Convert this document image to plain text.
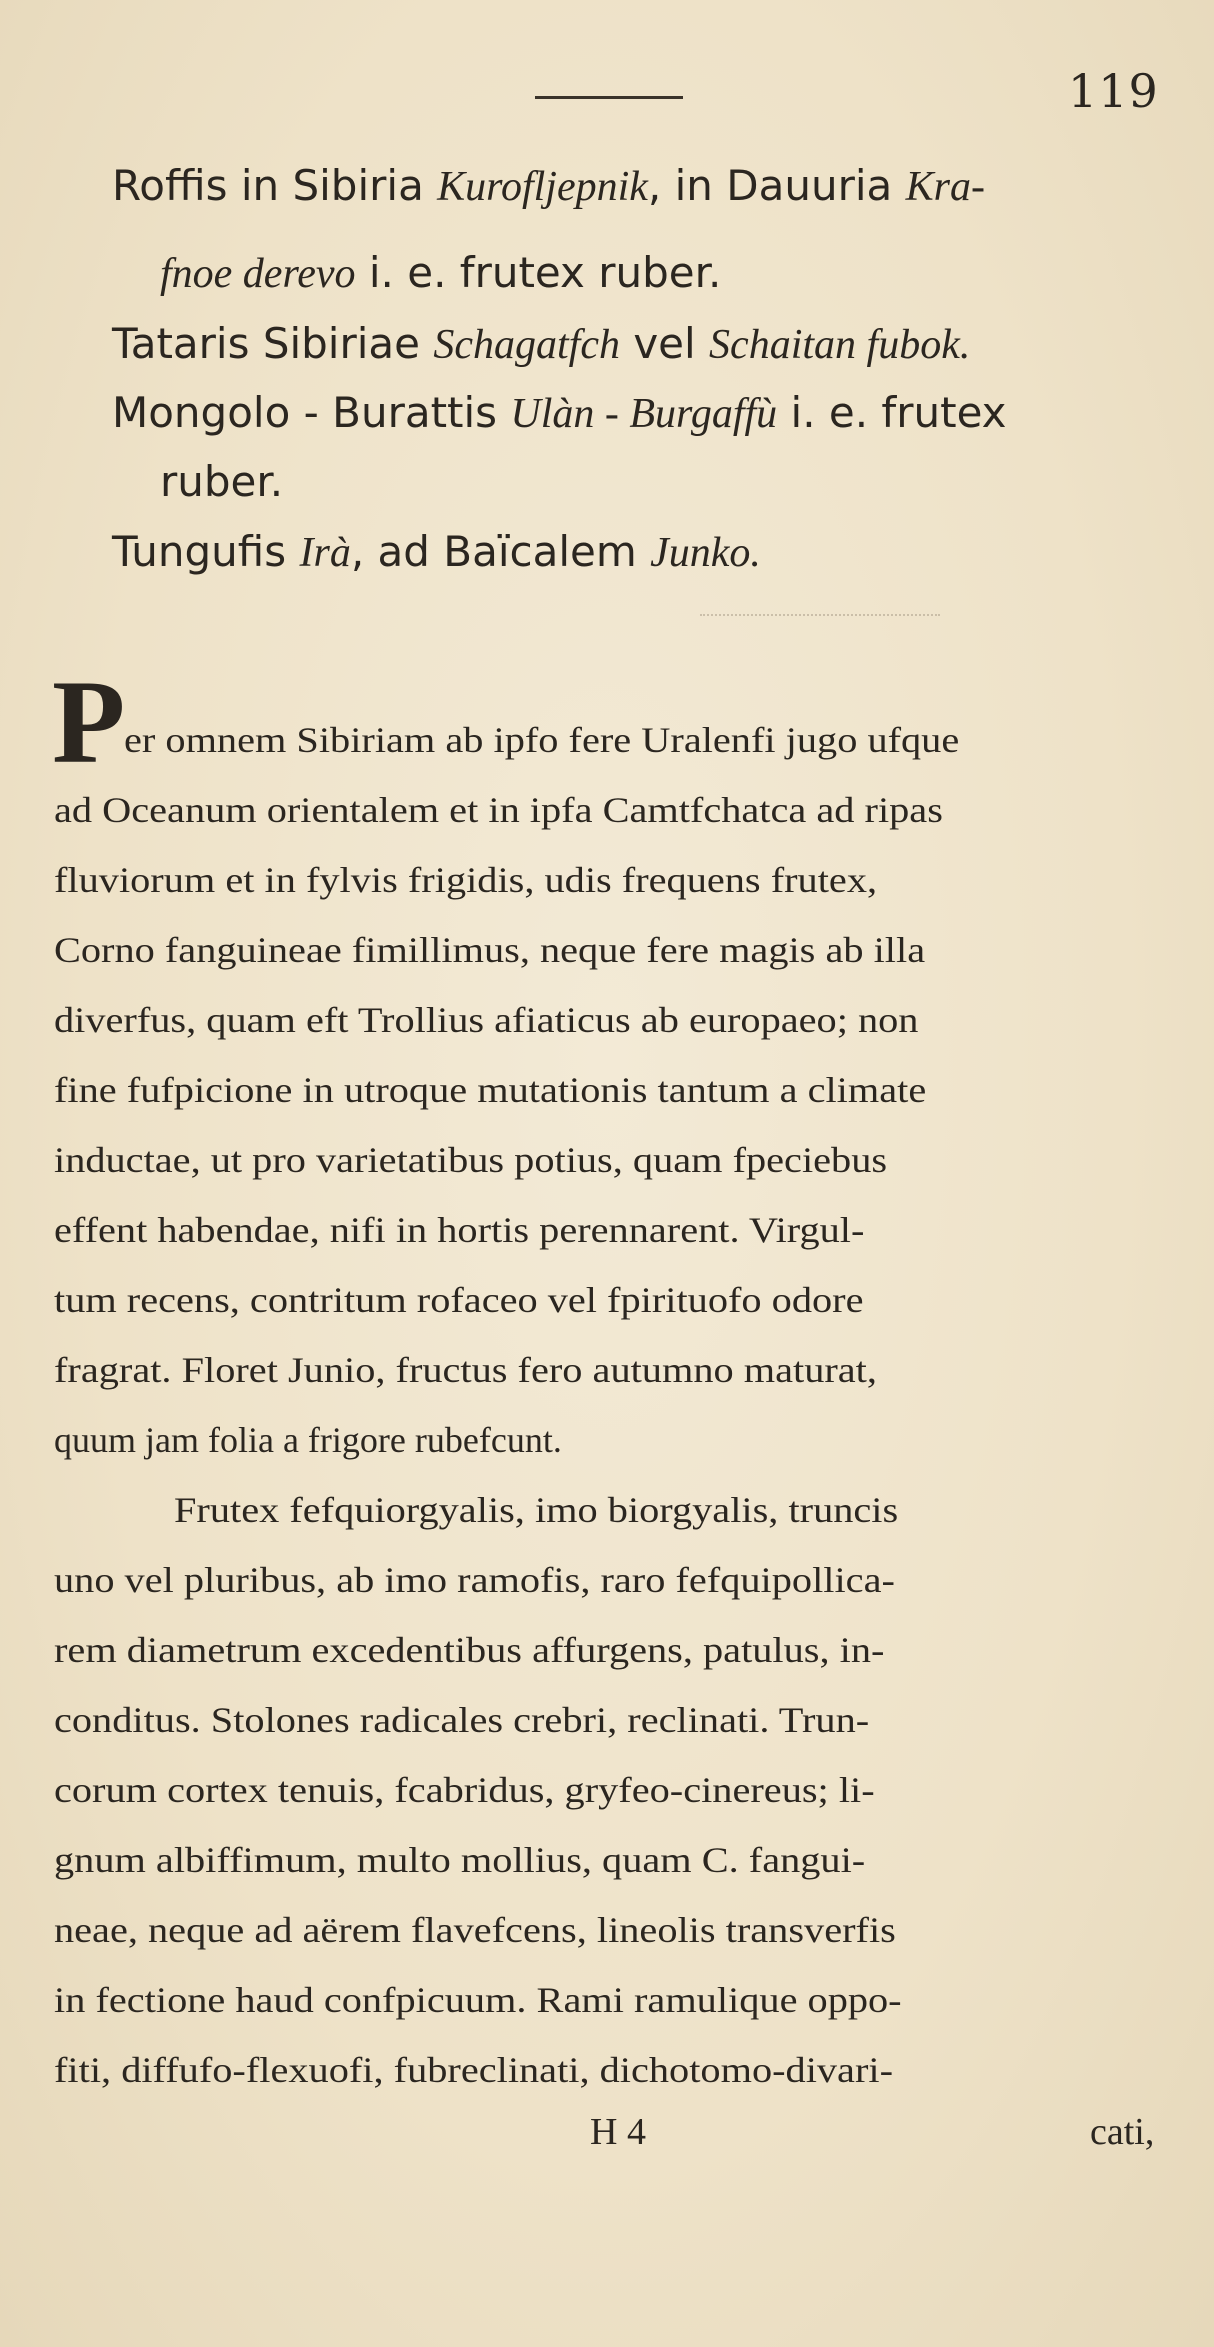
119
Roffis in Sibiria Kurofljepnik, in Dauuria Kra-
fnoe derevo i. e. frutex ruber.
Tataris Sibiriae Schagatfch vel Schaitan fubok.
Mongolo - Burattis Ulàn - Burgaffù i. e. frutex
ruber.
Tungufis Irà, ad Baïcalem Junko.
P
er omnem Sibiriam ab ipfo fere Uralenfi jugo ufque
ad Oceanum orientalem et in ipfa Camtfchatca ad ripas
fluviorum et in fylvis frigidis, udis frequens frutex,
Corno fanguineae fimillimus, neque fere magis ab illa
diverfus, quam eft Trollius afiaticus ab europaeo; non
fine fufpicione in utroque mutationis tantum a climate
inductae, ut pro varietatibus potius, quam fpeciebus
effent habendae, nifi in hortis perennarent. Virgul-
tum recens, contritum rofaceo vel fpirituofo odore
fragrat. Floret Junio, fructus fero autumno maturat,
quum jam folia a frigore rubefcunt.
Frutex fefquiorgyalis, imo biorgyalis, truncis
uno vel pluribus, ab imo ramofis, raro fefquipollica-
rem diametrum excedentibus affurgens, patulus, in-
conditus. Stolones radicales crebri, reclinati. Trun-
corum cortex tenuis, fcabridus, gryfeo-cinereus; li-
gnum albiffimum, multo mollius, quam C. fangui-
neae, neque ad aërem flavefcens, lineolis transverfis
in fectione haud confpicuum. Rami ramulique oppo-
fiti, diffufo-flexuofi, fubreclinati, dichotomo-divari-
H 4	cati,
